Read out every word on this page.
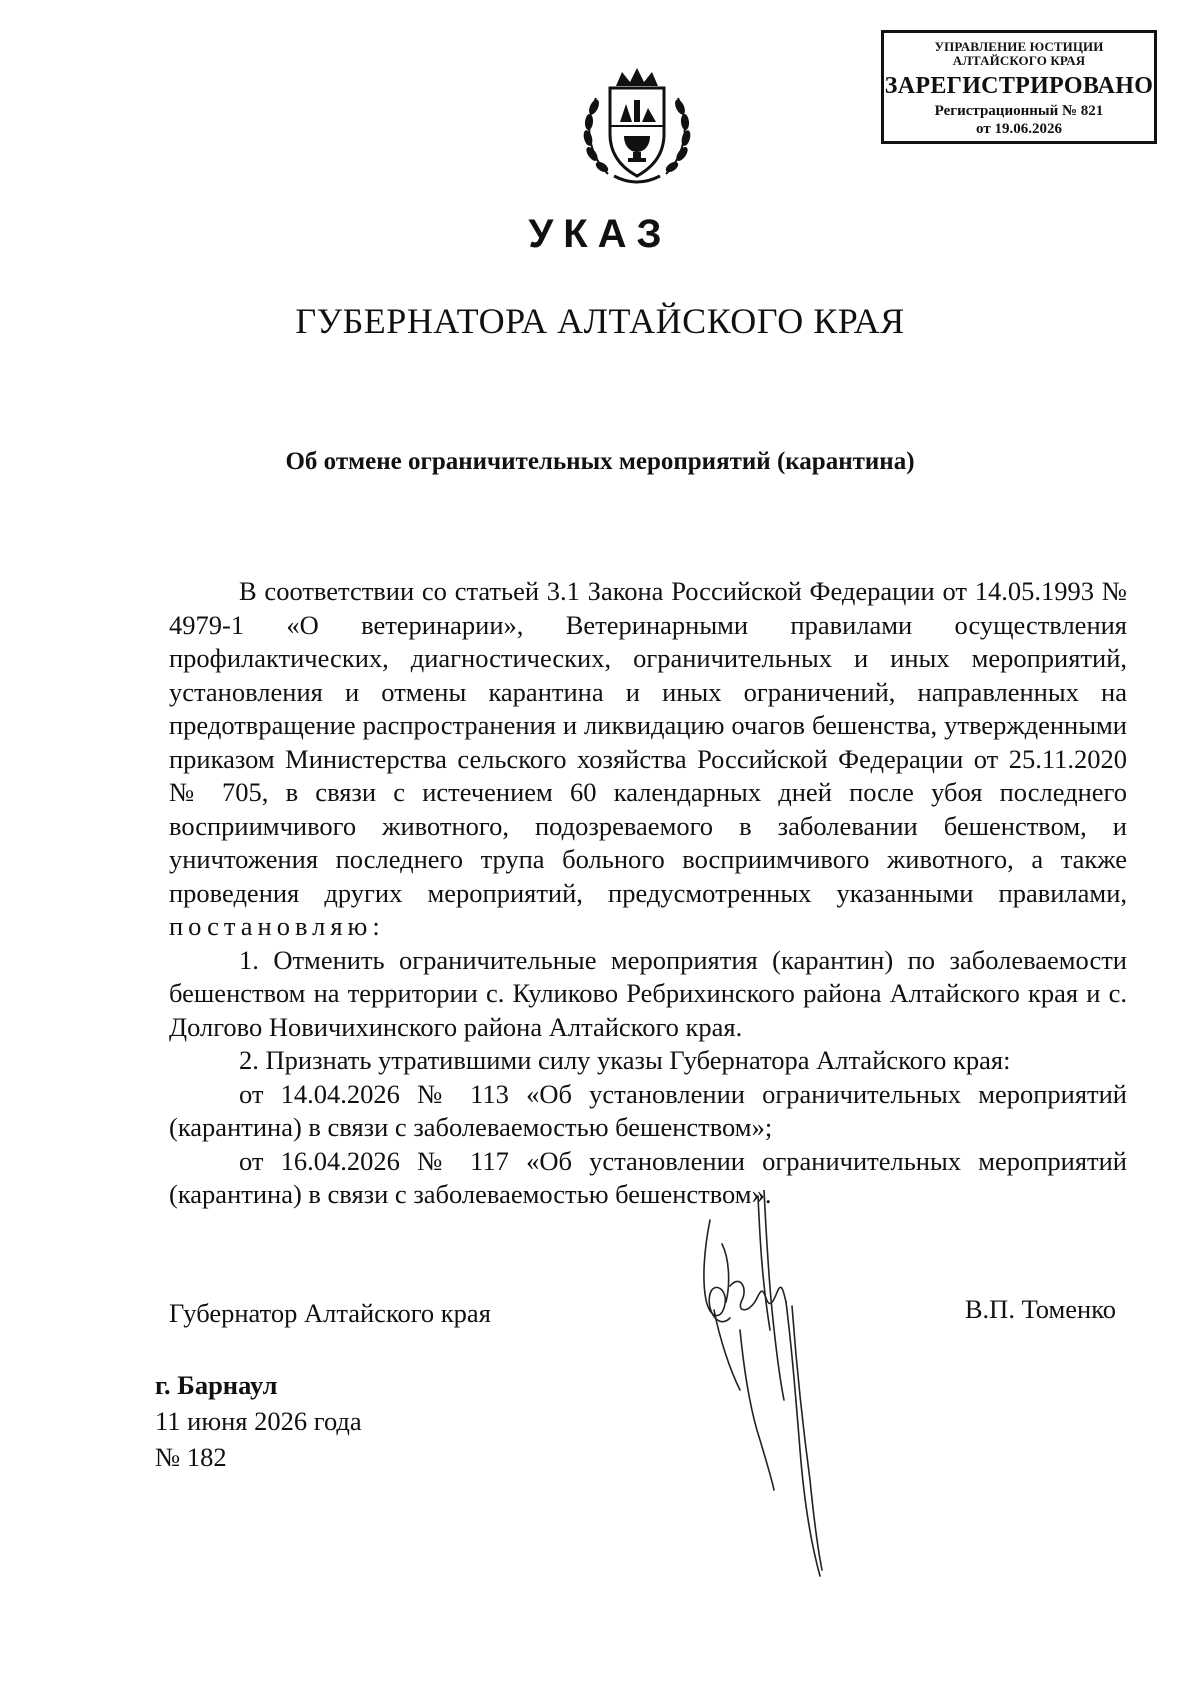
УПРАВЛЕНИЕ ЮСТИЦИИ
АЛТАЙСКОГО КРАЯ
ЗАРЕГИСТРИРОВАНО
Регистрационный № 821
от 19.06.2026
УКАЗ
ГУБЕРНАТОРА АЛТАЙСКОГО КРАЯ
Об отмене ограничительных мероприятий (карантина)

В соответствии со статьей 3.1 Закона Российской Федерации от 14.05.1993 № 4979-1 «О ветеринарии», Ветеринарными правилами осуществления профилактических, диагностических, ограничительных и иных мероприятий, установления и отмены карантина и иных ограничений, направленных на предотвращение распространения и ликвидацию очагов бешенства, утвержденными приказом Министерства сельского хозяйства Российской Федерации от 25.11.2020 № 705, в связи с истечением 60 календарных дней после убоя последнего восприимчивого животного, подозреваемого в заболевании бешенством, и уничтожения последнего трупа больного восприимчивого животного, а также проведения других мероприятий, предусмотренных указанными правилами, постановляю:

1. Отменить ограничительные мероприятия (карантин) по заболеваемости бешенством на территории с. Куликово Ребрихинского района Алтайского края и с. Долгово Новичихинского района Алтайского края.

2. Признать утратившими силу указы Губернатора Алтайского края:

от 14.04.2026 № 113 «Об установлении ограничительных мероприятий (карантина) в связи с заболеваемостью бешенством»;

от 16.04.2026 № 117 «Об установлении ограничительных мероприятий (карантина) в связи с заболеваемостью бешенством».

Губернатор Алтайского края	В.П. Томенко
г. Барнаул
11 июня 2026 года
№ 182
